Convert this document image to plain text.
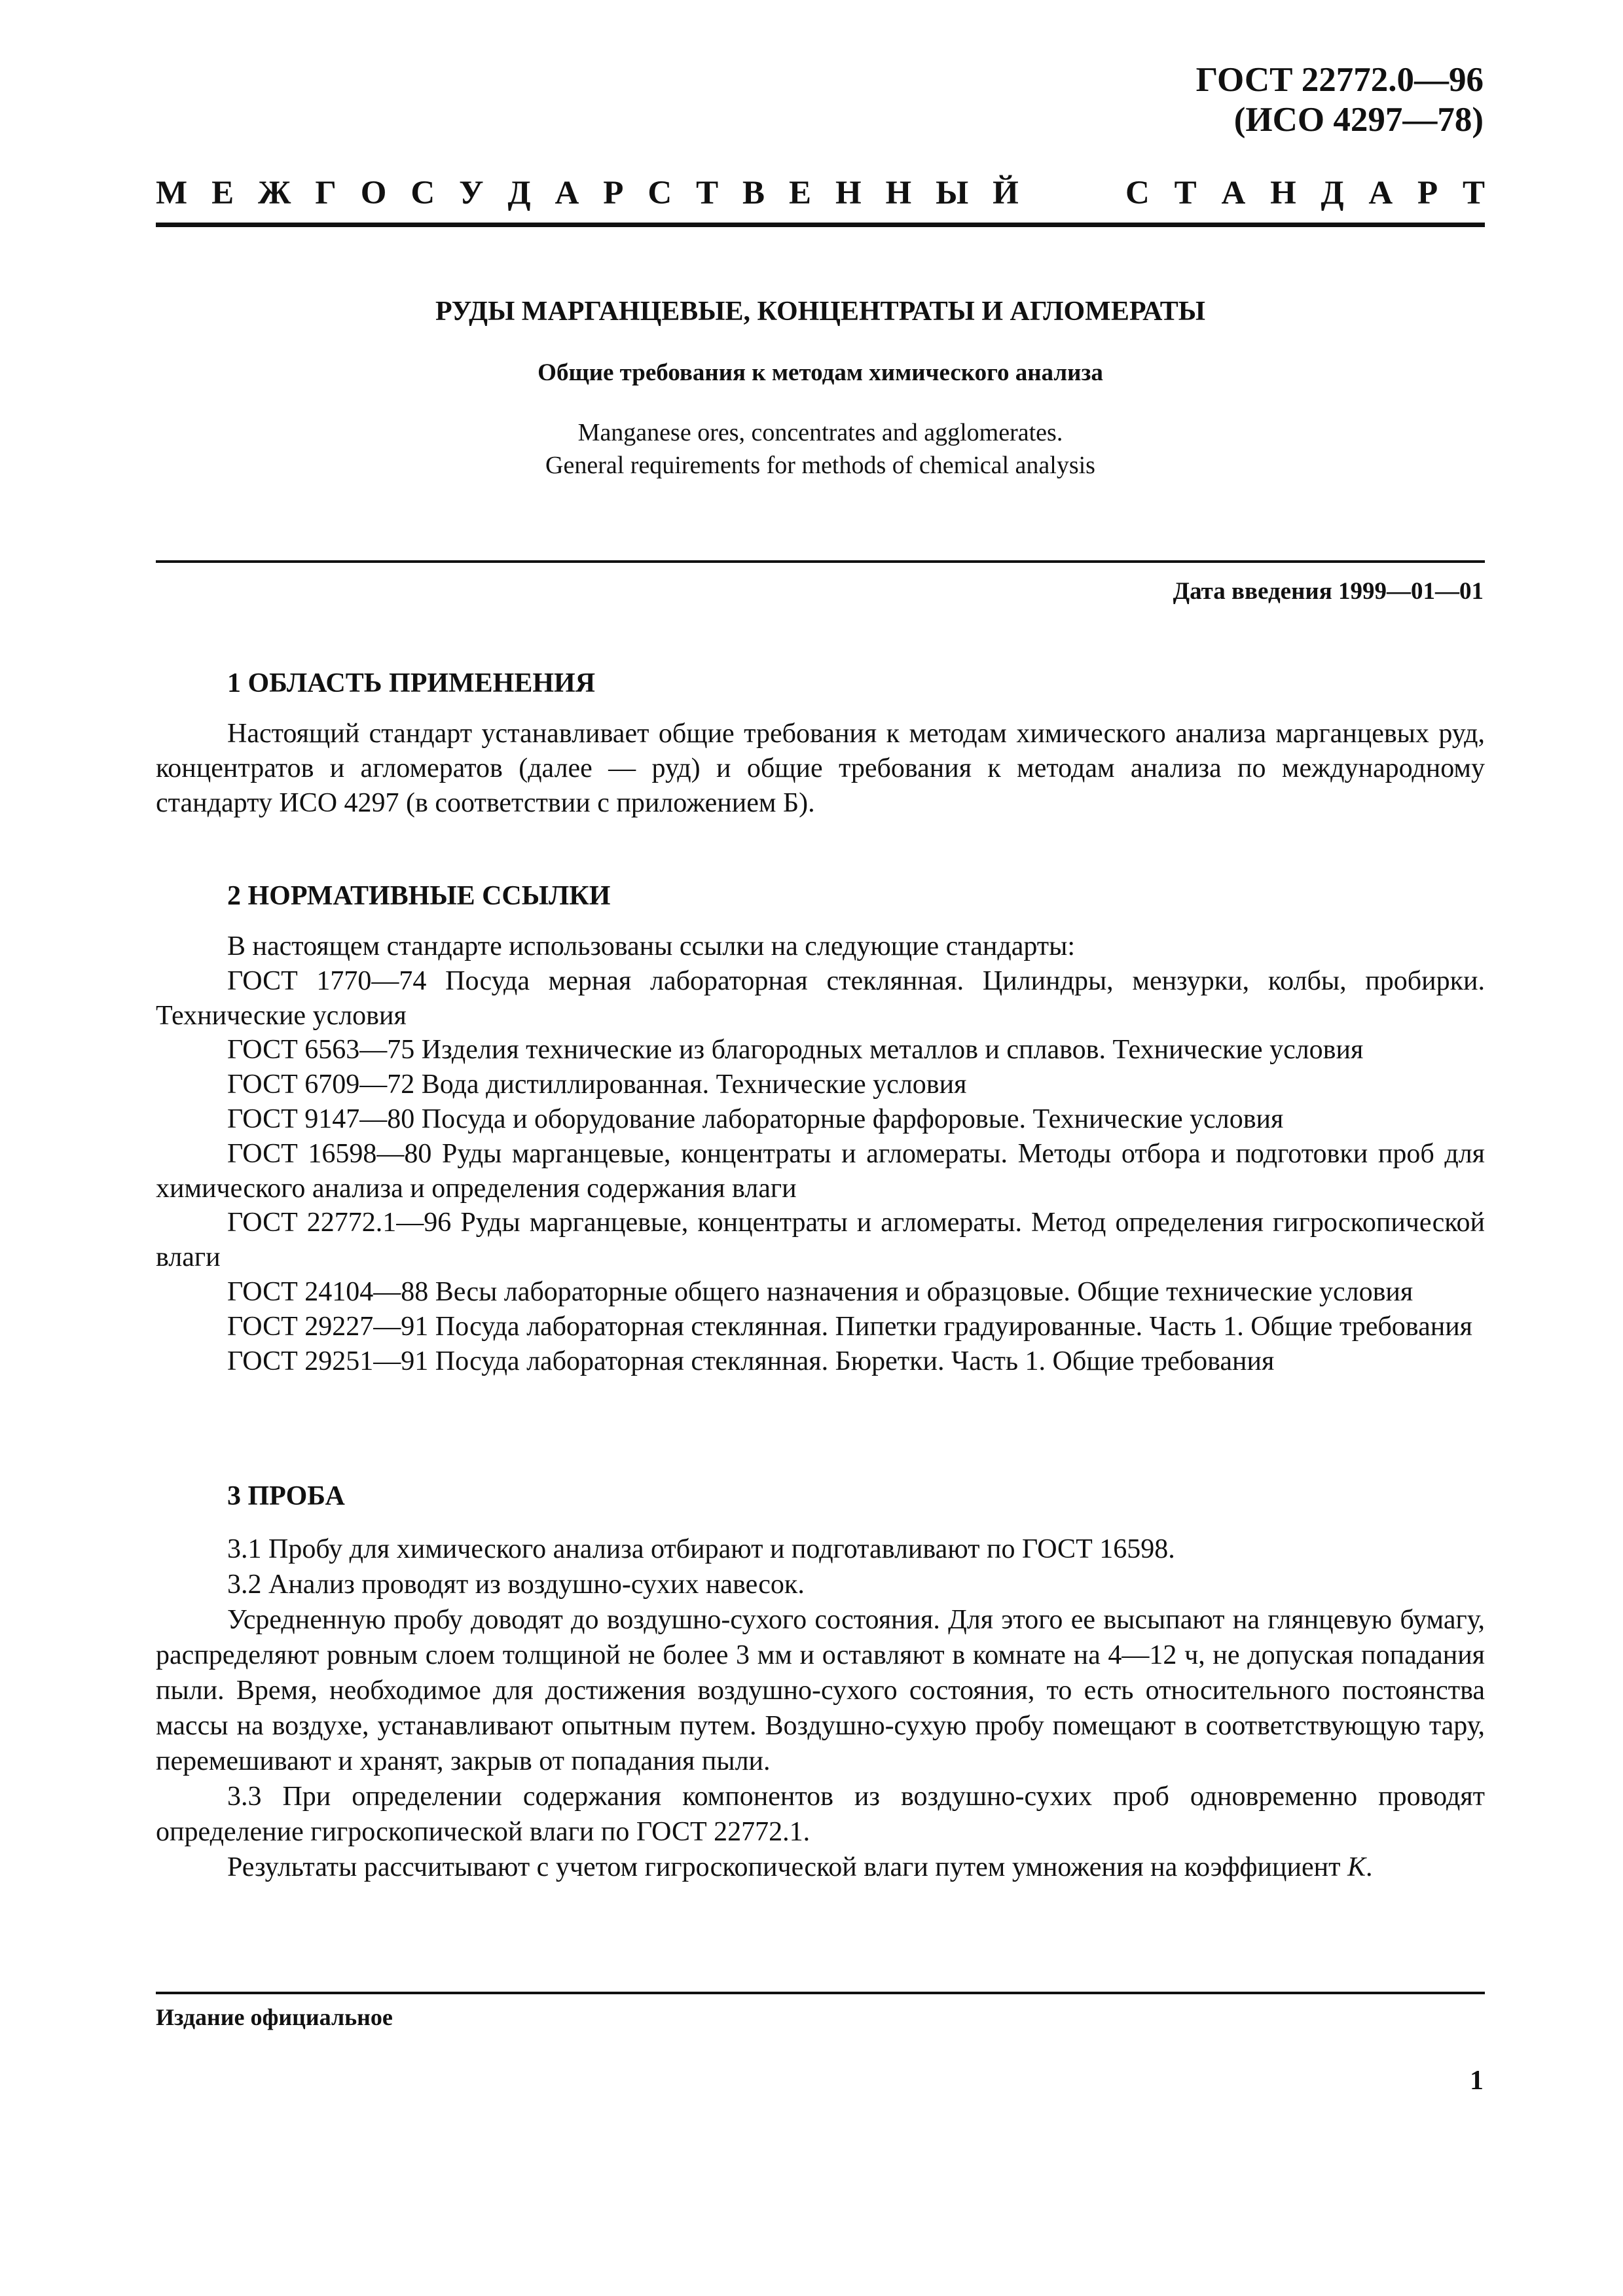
ГОСТ 22772.0—96
(ИСО 4297—78)
М Е Ж Г О С У Д А Р С Т В Е Н Н Ы Й	С Т А Н Д А Р Т
РУДЫ МАРГАНЦЕВЫЕ, КОНЦЕНТРАТЫ И АГЛОМЕРАТЫ
Общие требования к методам химического анализа
Manganese ores, concentrates and agglomerates.
General requirements for methods of chemical analysis
Дата введения 1999—01—01
1 ОБЛАСТЬ ПРИМЕНЕНИЯ

Настоящий стандарт устанавливает общие требования к методам химического анализа марганцевых руд, концентратов и агломератов (далее — руд) и общие требования к методам анализа по международному стандарту ИСО 4297 (в соответствии с приложением Б).

2 НОРМАТИВНЫЕ ССЫЛКИ

В настоящем стандарте использованы ссылки на следующие стандарты:

ГОСТ 1770—74 Посуда мерная лабораторная стеклянная. Цилиндры, мензурки, колбы, пробирки. Технические условия

ГОСТ 6563—75 Изделия технические из благородных металлов и сплавов. Технические условия

ГОСТ 6709—72 Вода дистиллированная. Технические условия

ГОСТ 9147—80 Посуда и оборудование лабораторные фарфоровые. Технические условия

ГОСТ 16598—80 Руды марганцевые, концентраты и агломераты. Методы отбора и подготовки проб для химического анализа и определения содержания влаги

ГОСТ 22772.1—96 Руды марганцевые, концентраты и агломераты. Метод определения гигроскопической влаги

ГОСТ 24104—88 Весы лабораторные общего назначения и образцовые. Общие технические условия

ГОСТ 29227—91 Посуда лабораторная стеклянная. Пипетки градуированные. Часть 1. Общие требования

ГОСТ 29251—91 Посуда лабораторная стеклянная. Бюретки. Часть 1. Общие требования

3 ПРОБА

3.1 Пробу для химического анализа отбирают и подготавливают по ГОСТ 16598.

3.2 Анализ проводят из воздушно-сухих навесок.

Усредненную пробу доводят до воздушно-сухого состояния. Для этого ее высыпают на глянцевую бумагу, распределяют ровным слоем толщиной не более 3 мм и оставляют в комнате на 4—12 ч, не допуская попадания пыли. Время, необходимое для достижения воздушно-сухого состояния, то есть относительного постоянства массы на воздухе, устанавливают опытным путем. Воздушно-сухую пробу помещают в соответствующую тару, перемешивают и хранят, закрыв от попадания пыли.

3.3 При определении содержания компонентов из воздушно-сухих проб одновременно проводят определение гигроскопической влаги по ГОСТ 22772.1.

Результаты рассчитывают с учетом гигроскопической влаги путем умножения на коэффициент K.

Издание официальное
1
